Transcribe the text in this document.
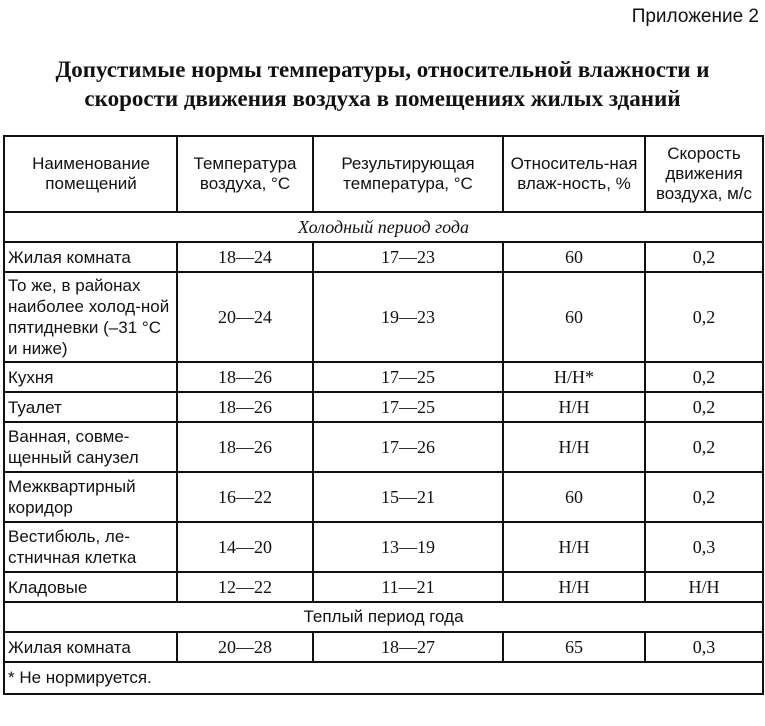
Приложение 2
Допустимые нормы температуры, относительной влажности и
скорости движения воздуха в помещениях жилых зданий
Наименование помещений	Температура воздуха, °С	Результирующая температура, °С	Относитель-ная влаж-ность, %	Скорость движения воздуха, м/с
Холодный период года				
Жилая комната	18—24	17—23	60	0,2
То же, в районах наиболее холод-ной пятидневки (–31 °С и ниже)	20—24	19—23	60	0,2
Кухня	18—26	17—25	Н/Н*	0,2
Туалет	18—26	17—25	Н/Н	0,2
Ванная, совме-щенный санузел	18—26	17—26	Н/Н	0,2
Межквартирный коридор	16—22	15—21	60	0,2
Вестибюль, ле-стничная клетка	14—20	13—19	Н/Н	0,3
Кладовые	12—22	11—21	Н/Н	Н/Н
Теплый период года				
Жилая комната	20—28	18—27	65	0,3
* Не нормируется.				
